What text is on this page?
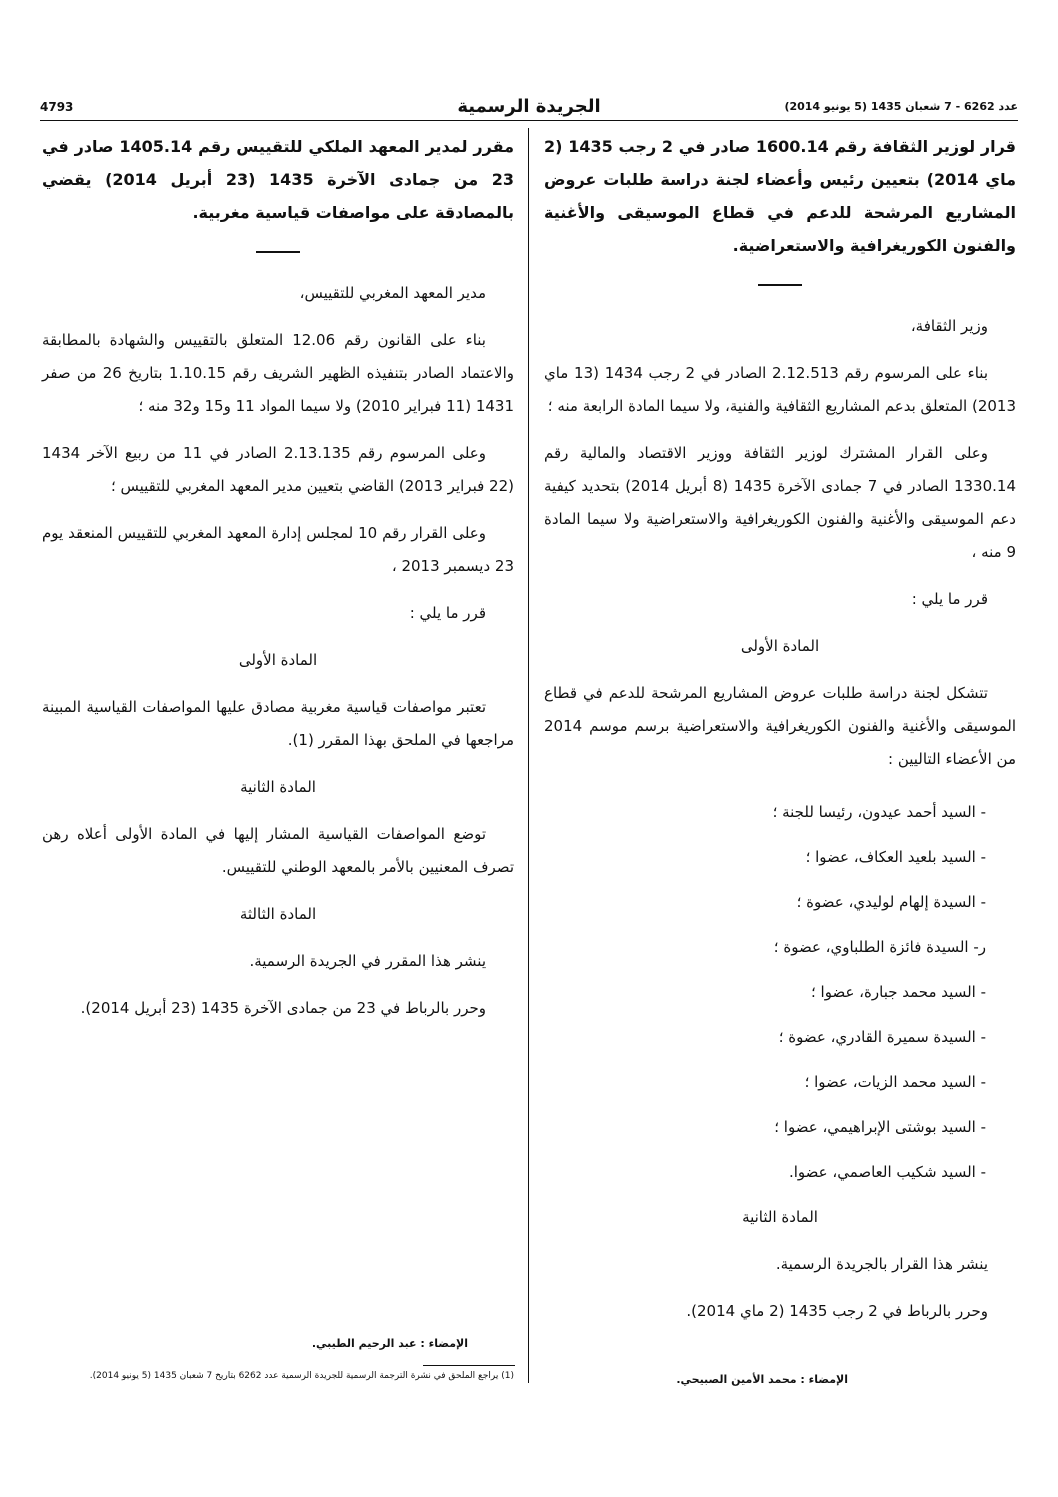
عدد 6262 - 7 شعبان 1435 (5 يونيو 2014)
الجريدة الرسمية
4793
قرار لوزير الثقافة رقم 1600.14 صادر في 2 رجب 1435 (2 ماي 2014) بتعيين رئيس وأعضاء لجنة دراسة طلبات عروض المشاريع المرشحة للدعم في قطاع الموسيقى والأغنية والفنون الكوريغرافية والاستعراضية.

وزير الثقافة،

بناء على المرسوم رقم 2.12.513 الصادر في 2 رجب 1434 (13 ماي 2013) المتعلق بدعم المشاريع الثقافية والفنية، ولا سيما المادة الرابعة منه ؛

وعلى القرار المشترك لوزير الثقافة ووزير الاقتصاد والمالية رقم 1330.14 الصادر في 7 جمادى الآخرة 1435 (8 أبريل 2014) بتحديد كيفية دعم الموسيقى والأغنية والفنون الكوريغرافية والاستعراضية ولا سيما المادة 9 منه ،

قرر ما يلي :

المادة الأولى

تتشكل لجنة دراسة طلبات عروض المشاريع المرشحة للدعم في قطاع الموسيقى والأغنية والفنون الكوريغرافية والاستعراضية برسم موسم 2014 من الأعضاء التاليين :

- السيد أحمد عيدون، رئيسا للجنة ؛
- السيد بلعيد العكاف، عضوا ؛
- السيدة إلهام لوليدي، عضوة ؛
ر- السيدة فائزة الطلباوي، عضوة ؛
- السيد محمد جبارة، عضوا ؛
- السيدة سميرة القادري، عضوة ؛
- السيد محمد الزيات، عضوا ؛
- السيد بوشتى الإبراهيمي، عضوا ؛
- السيد شكيب العاصمي، عضوا.

المادة الثانية

ينشر هذا القرار بالجريدة الرسمية.

وحرر بالرباط في 2 رجب 1435 (2 ماي 2014).

مقرر لمدير المعهد الملكي للتقييس رقم 1405.14 صادر في 23 من جمادى الآخرة 1435 (23 أبريل 2014) يقضي بالمصادقة على مواصفات قياسية مغربية.

مدير المعهد المغربي للتقييس،

بناء على القانون رقم 12.06 المتعلق بالتقييس والشهادة بالمطابقة والاعتماد الصادر بتنفيذه الظهير الشريف رقم 1.10.15 بتاريخ 26 من صفر 1431 (11 فبراير 2010) ولا سيما المواد 11 و15 و32 منه ؛

وعلى المرسوم رقم 2.13.135 الصادر في 11 من ربيع الآخر 1434 (22 فبراير 2013) القاضي بتعيين مدير المعهد المغربي للتقييس ؛

وعلى القرار رقم 10 لمجلس إدارة المعهد المغربي للتقييس المنعقد يوم 23 ديسمبر 2013 ،

قرر ما يلي :

المادة الأولى

تعتبر مواصفات قياسية مغربية مصادق عليها المواصفات القياسية المبينة مراجعها في الملحق بهذا المقرر (1).

المادة الثانية

توضع المواصفات القياسية المشار إليها في المادة الأولى أعلاه رهن تصرف المعنيين بالأمر بالمعهد الوطني للتقييس.

المادة الثالثة

ينشر هذا المقرر في الجريدة الرسمية.

وحرر بالرباط في 23 من جمادى الآخرة 1435 (23 أبريل 2014).

الإمضاء : عبد الرحيم الطيبي.
الإمضاء : محمد الأمين الصبيحي.
(1) يراجع الملحق في نشرة الترجمة الرسمية للجريدة الرسمية عدد 6262 بتاريخ 7 شعبان 1435 (5 يونيو 2014).
